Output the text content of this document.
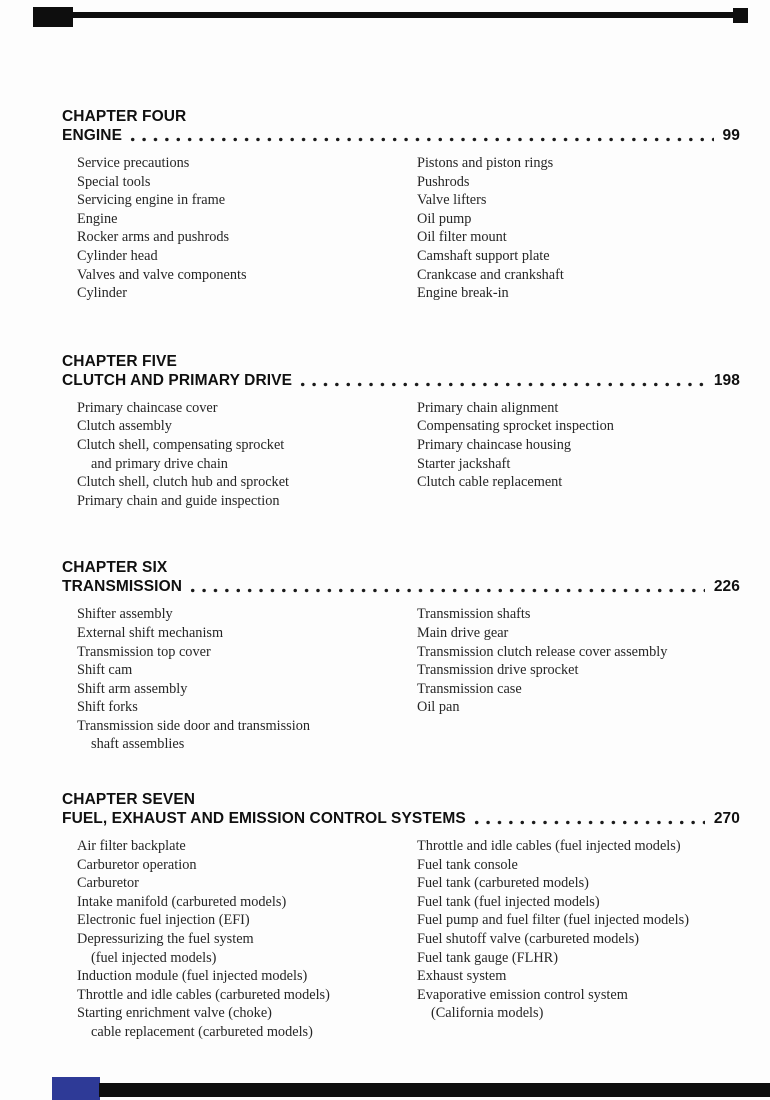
CHAPTER FOUR
ENGINE	99
Service precautions
Special tools
Servicing engine in frame
Engine
Rocker arms and pushrods
Cylinder head
Valves and valve components
Cylinder
Pistons and piston rings
Pushrods
Valve lifters
Oil pump
Oil filter mount
Camshaft support plate
Crankcase and crankshaft
Engine break-in
CHAPTER FIVE
CLUTCH AND PRIMARY DRIVE	198
Primary chaincase cover
Clutch assembly
Clutch shell, compensating sprocket
and primary drive chain
Clutch shell, clutch hub and sprocket
Primary chain and guide inspection
Primary chain alignment
Compensating sprocket inspection
Primary chaincase housing
Starter jackshaft
Clutch cable replacement
CHAPTER SIX
TRANSMISSION	226
Shifter assembly
External shift mechanism
Transmission top cover
Shift cam
Shift arm assembly
Shift forks
Transmission side door and transmission
shaft assemblies
Transmission shafts
Main drive gear
Transmission clutch release cover assembly
Transmission drive sprocket
Transmission case
Oil pan
CHAPTER SEVEN
FUEL, EXHAUST AND EMISSION CONTROL SYSTEMS	270
Air filter backplate
Carburetor operation
Carburetor
Intake manifold (carbureted models)
Electronic fuel injection (EFI)
Depressurizing the fuel system
(fuel injected models)
Induction module (fuel injected models)
Throttle and idle cables (carbureted models)
Starting enrichment valve (choke)
cable replacement (carbureted models)
Throttle and idle cables (fuel injected models)
Fuel tank console
Fuel tank (carbureted models)
Fuel tank (fuel injected models)
Fuel pump and fuel filter (fuel injected models)
Fuel shutoff valve (carbureted models)
Fuel tank gauge (FLHR)
Exhaust system
Evaporative emission control system
(California models)
